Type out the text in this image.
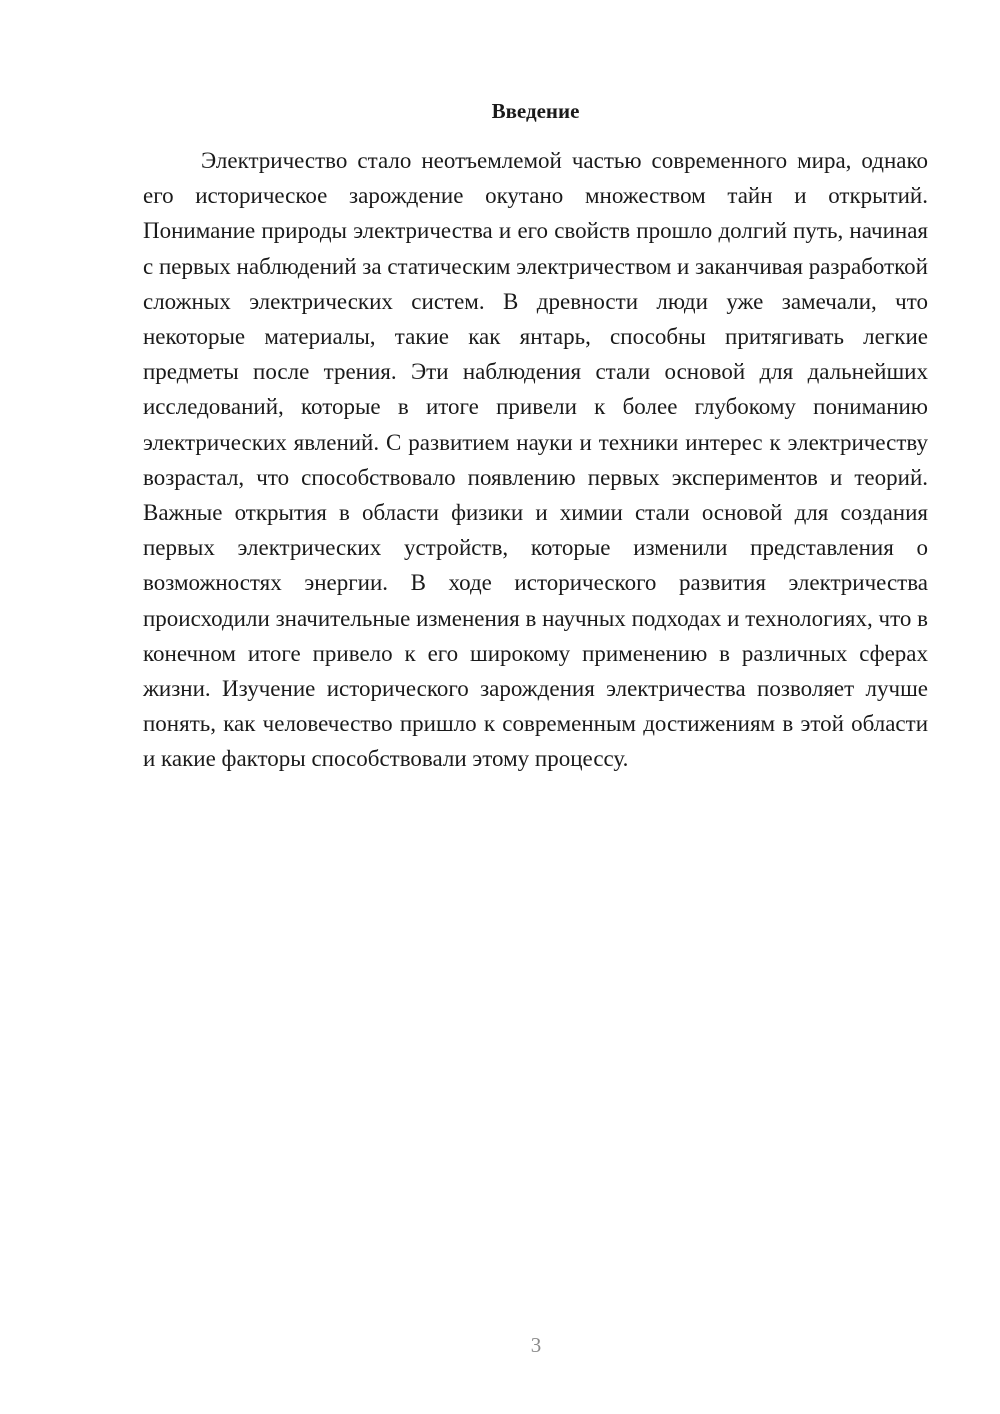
Введение

Электричество стало неотъемлемой частью современного мира, однако его историческое зарождение окутано множеством тайн и открытий. Понимание природы электричества и его свойств прошло долгий путь, начиная с первых наблюдений за статическим электричеством и заканчивая разработкой сложных электрических систем. В древности люди уже замечали, что некоторые материалы, такие как янтарь, способны притягивать легкие предметы после трения. Эти наблюдения стали основой для дальнейших исследований, которые в итоге привели к более глубокому пониманию электрических явлений. С развитием науки и техники интерес к электричеству возрастал, что способствовало появлению первых экспериментов и теорий. Важные открытия в области физики и химии стали основой для создания первых электрических устройств, которые изменили представления о возможностях энергии. В ходе исторического развития электричества происходили значительные изменения в научных подходах и технологиях, что в конечном итоге привело к его широкому применению в различных сферах жизни. Изучение исторического зарождения электричества позволяет лучше понять, как человечество пришло к современным достижениям в этой области и какие факторы способствовали этому процессу.

3
